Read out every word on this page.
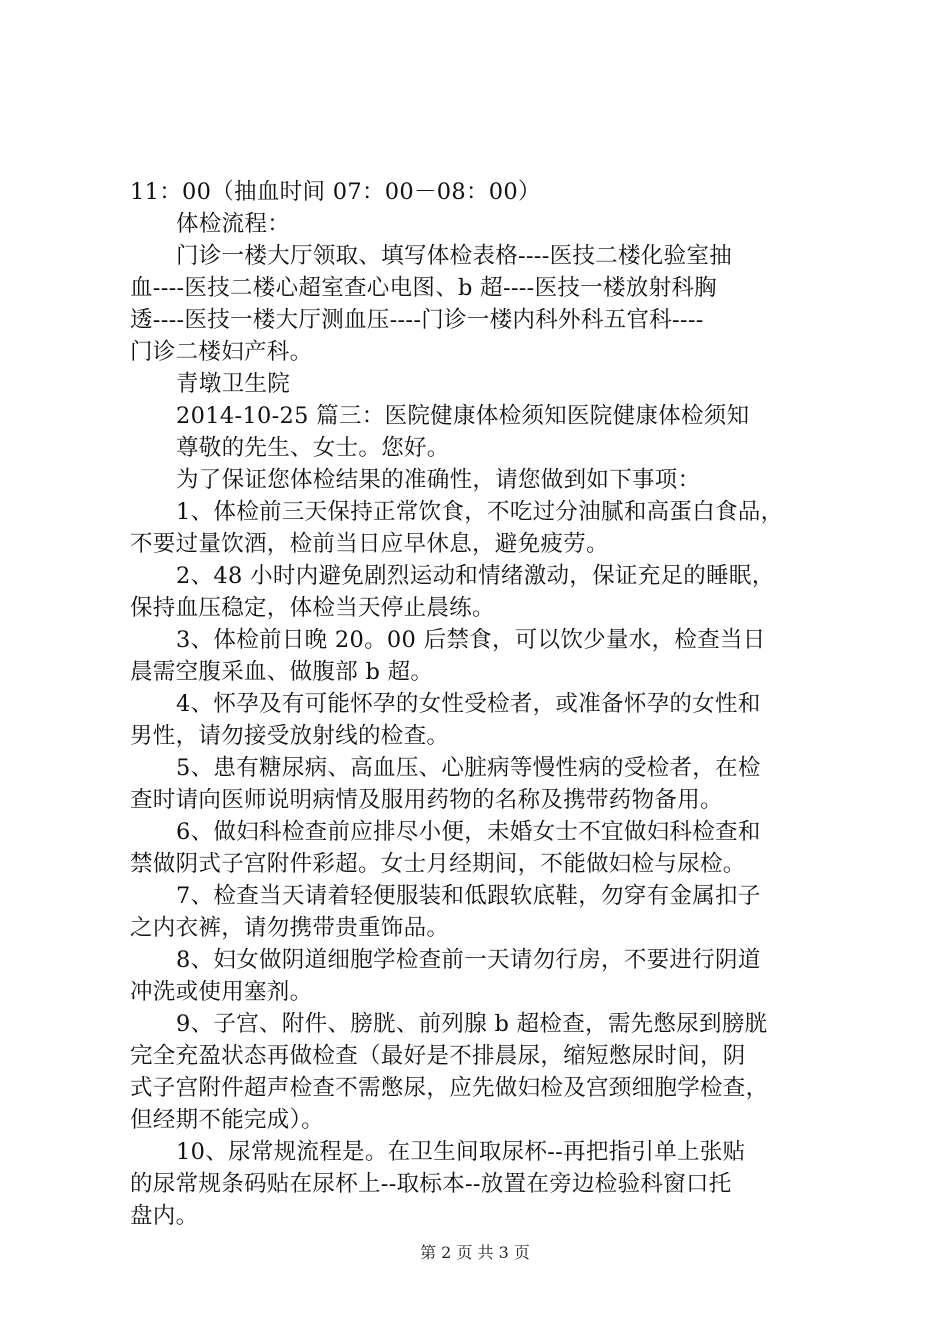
11：00（抽血时间 07：00－08：00）
体检流程：
门诊一楼大厅领取、填写体检表格----医技二楼化验室抽
血----医技二楼心超室查心电图、b 超----医技一楼放射科胸
透----医技一楼大厅测血压----门诊一楼内科外科五官科----
门诊二楼妇产科。
青墩卫生院
2014-10-25 篇三：医院健康体检须知医院健康体检须知
尊敬的先生、女士。您好。
为了保证您体检结果的准确性，请您做到如下事项：
1、体检前三天保持正常饮食，不吃过分油腻和高蛋白食品，
不要过量饮酒，检前当日应早休息，避免疲劳。
2、48 小时内避免剧烈运动和情绪激动，保证充足的睡眠，
保持血压稳定，体检当天停止晨练。
3、体检前日晚 20。00 后禁食，可以饮少量水，检查当日
晨需空腹采血、做腹部 b 超。
4、怀孕及有可能怀孕的女性受检者，或准备怀孕的女性和
男性，请勿接受放射线的检查。
5、患有糖尿病、高血压、心脏病等慢性病的受检者，在检
查时请向医师说明病情及服用药物的名称及携带药物备用。
6、做妇科检查前应排尽小便，未婚女士不宜做妇科检查和
禁做阴式子宫附件彩超。女士月经期间，不能做妇检与尿检。
7、检查当天请着轻便服装和低跟软底鞋，勿穿有金属扣子
之内衣裤，请勿携带贵重饰品。
8、妇女做阴道细胞学检查前一天请勿行房，不要进行阴道
冲洗或使用塞剂。
9、子宫、附件、膀胱、前列腺 b 超检查，需先憋尿到膀胱
完全充盈状态再做检查（最好是不排晨尿，缩短憋尿时间，阴
式子宫附件超声检查不需憋尿，应先做妇检及宫颈细胞学检查，
但经期不能完成）。
10、尿常规流程是。在卫生间取尿杯--再把指引单上张贴
的尿常规条码贴在尿杯上--取标本--放置在旁边检验科窗口托
盘内。
第 2 页 共 3 页
